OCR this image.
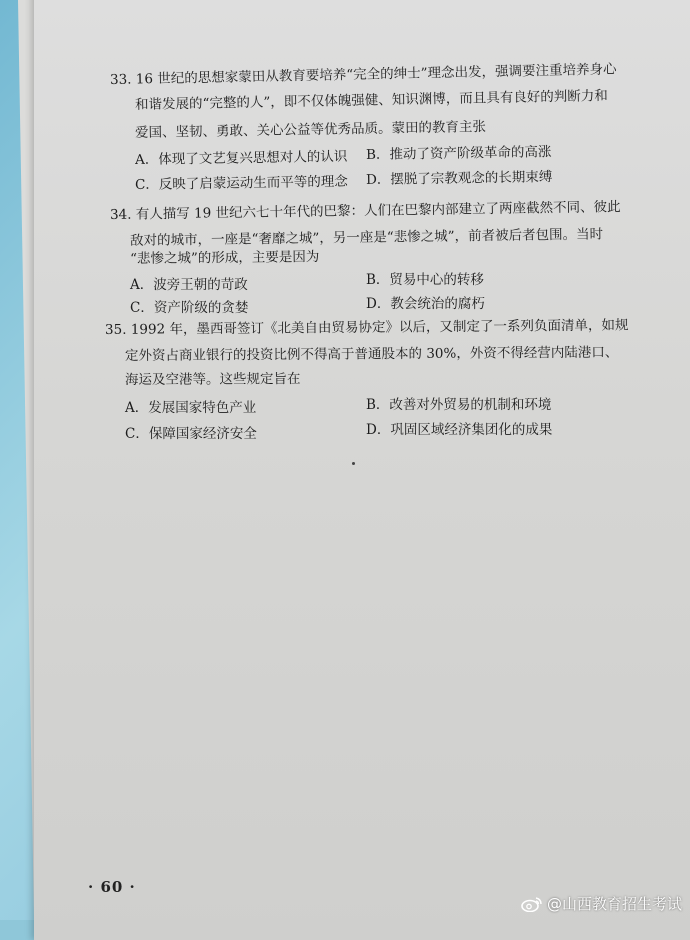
33. 16 世纪的思想家蒙田从教育要培养“完全的绅士”理念出发，强调要注重培养身心
和谐发展的“完整的人”，即不仅体魄强健、知识渊博，而且具有良好的判断力和
爱国、坚韧、勇敢、关心公益等优秀品质。蒙田的教育主张
A．体现了文艺复兴思想对人的认识 B．推动了资产阶级革命的高涨
C．反映了启蒙运动生而平等的理念 D．摆脱了宗教观念的长期束缚
34. 有人描写 19 世纪六七十年代的巴黎：人们在巴黎内部建立了两座截然不同、彼此
敌对的城市，一座是“奢靡之城”，另一座是“悲惨之城”，前者被后者包围。当时
“悲惨之城”的形成，主要是因为
A．波旁王朝的苛政	B．贸易中心的转移
C．资产阶级的贪婪	D．教会统治的腐朽
35. 1992 年，墨西哥签订《北美自由贸易协定》以后，又制定了一系列负面清单，如规
定外资占商业银行的投资比例不得高于普通股本的 30%，外资不得经营内陆港口、
海运及空港等。这些规定旨在
A．发展国家特色产业	B．改善对外贸易的机制和环境
C．保障国家经济安全	D．巩固区域经济集团化的成果
· 60 ·
@山西教育招生考试
